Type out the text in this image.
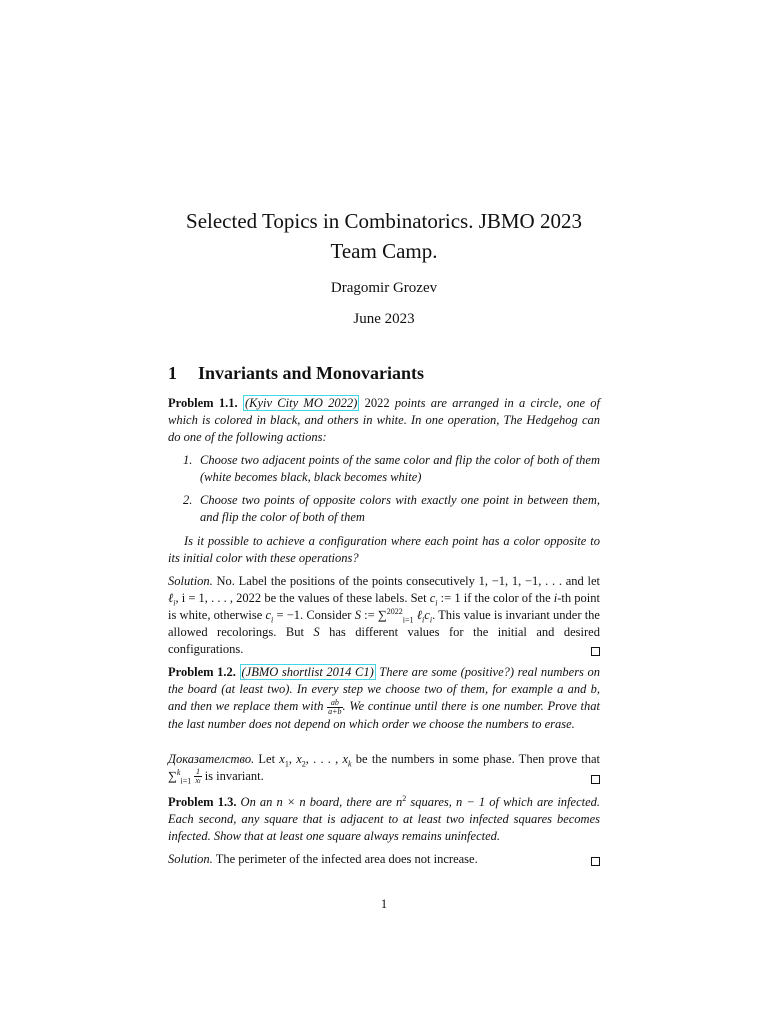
Selected Topics in Combinatorics. JBMO 2023
Team Camp.
Dragomir Grozev
June 2023
1 Invariants and Monovariants
Problem 1.1. (Kyiv City MO 2022) 2022 points are arranged in a circle, one of which is colored in black, and others in white. In one operation, The Hedgehog can do one of the following actions:
1. Choose two adjacent points of the same color and flip the color of both of them (white becomes black, black becomes white)
2. Choose two points of opposite colors with exactly one point in between them, and flip the color of both of them
Is it possible to achieve a configuration where each point has a color opposite to its initial color with these operations?
Solution. No. Label the positions of the points consecutively 1, −1, 1, −1, . . . and let ℓ$_i$, i = 1, . . . , 2022 be the values of these labels. Set $c_i$ := 1 if the color of the i-th point is white, otherwise $c_i = -1$. Consider S := ∑$^{2022}_{i=1}$ $\ell_ic_i$. This value is invariant under the allowed recolorings. But S has different values for the initial and desired configurations.
Problem 1.2. (JBMO shortlist 2014 C1) There are some (positive?) real numbers on the board (at least two). In every step we choose two of them, for example a and b, and then we replace them with $\frac{ab}{a+b}$ . We continue until there is one number. Prove that the last number does not depend on which order we choose the numbers to erase.
Доказателство. Let $x_1$, $x_2$, . . . , $x_k$ be the numbers in some phase. Then prove that $\sum^k_{i=1} \frac{1}{xi}$ is invariant.
Problem 1.3. On an n × n board, there are $n^2$ squares, n − 1 of which are infected. Each second, any square that is adjacent to at least two infected squares becomes infected. Show that at least one square always remains uninfected.
Solution. The perimeter of the infected area does not increase.
1
